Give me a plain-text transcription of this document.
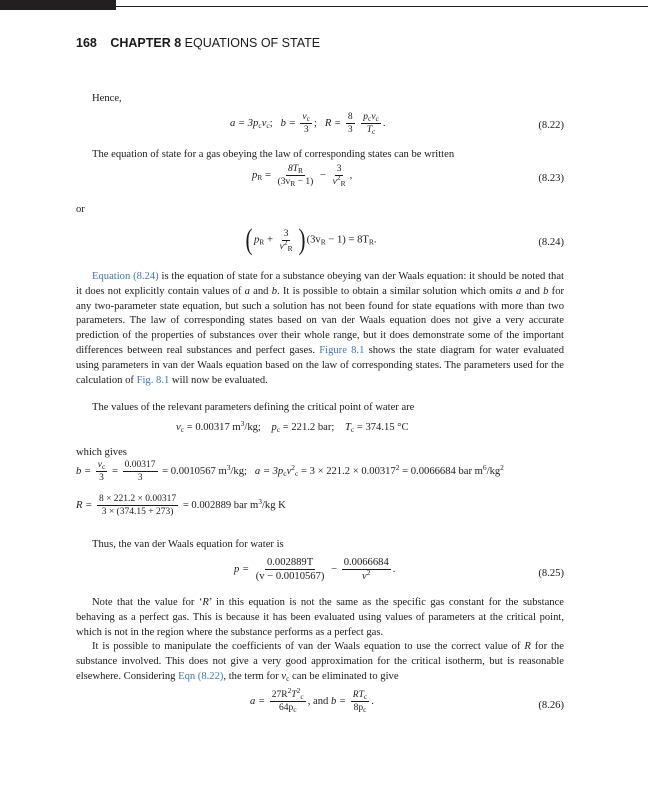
168 CHAPTER 8 EQUATIONS OF STATE
Hence,
$a = 3p_cv_c$; $b = \frac{v_c}{3}$ ; $R = \frac{8}{3}$
$\frac{p_cv_c}{T_c}$ .	(8.22)
The equation of state for a gas obeying the law of corresponding states can be written
$p_R = \frac{8T_R}{(3v_R - 1)} - \frac{3}{v^2_R}$ ,	(8.23)
or
( $p_R + \frac{3}{v^2_R}$ ) $(3v_R - 1) = 8T_R$.	(8.24)
Equation (8.24) is the equation of state for a substance obeying van der Waals equation: it should be noted that it does not explicitly contain values of a and b. It is possible to obtain a similar solution which omits a and b for any two-parameter state equation, but such a solution has not been found for state equations with more than two parameters. The law of corresponding states based on van der Waals equation does not give a very accurate prediction of the properties of substances over their whole range, but it does demonstrate some of the important differences between real substances and perfect gases. Figure 8.1 shows the state diagram for water evaluated using parameters in van der Waals equation based on the law of corresponding states. The parameters used for the calculation of Fig. 8.1 will now be evaluated.
The values of the relevant parameters defining the critical point of water are
$v_c = 0.00317$ $m^3/kg$; $p_c = 221.2$ bar; $T_c = 374.15$ °C
which gives
$b = \frac{v_c}{3} = \frac{0.00317}{3} = 0.0010567$ $m^3/kg$; $a = 3p_cv^2_c = 3 \times 221.2 \times 0.00317^2 = 0.0066684$ bar $m^6/kg^2$
$R = \frac{8 \times 221.2 \times 0.00317}{3 \times (374.15 + 273)} = 0.002889$ bar $m^3/kg$ K
Thus, the van der Waals equation for water is
$p = \frac{0.002889T}{(v - 0.0010567)} - \frac{0.0066684}{v^2}$ .	(8.25)
Note that the value for ‘R’ in this equation is not the same as the specific gas constant for the substance behaving as a perfect gas. This is because it has been evaluated using values of parameters at the critical point, which is not in the region where the substance performs as a perfect gas.
It is possible to manipulate the coefficients of van der Waals equation to use the correct value of R for the substance involved. This does not give a very good approximation for the critical isotherm, but is reasonable elsewhere. Considering Eqn (8.22), the term for $v_c$ can be eliminated to give
$a = \frac{27R^2T^2_c}{64p_c}$ , and $b = \frac{RT_c}{8p_c}$ .	(8.26)
